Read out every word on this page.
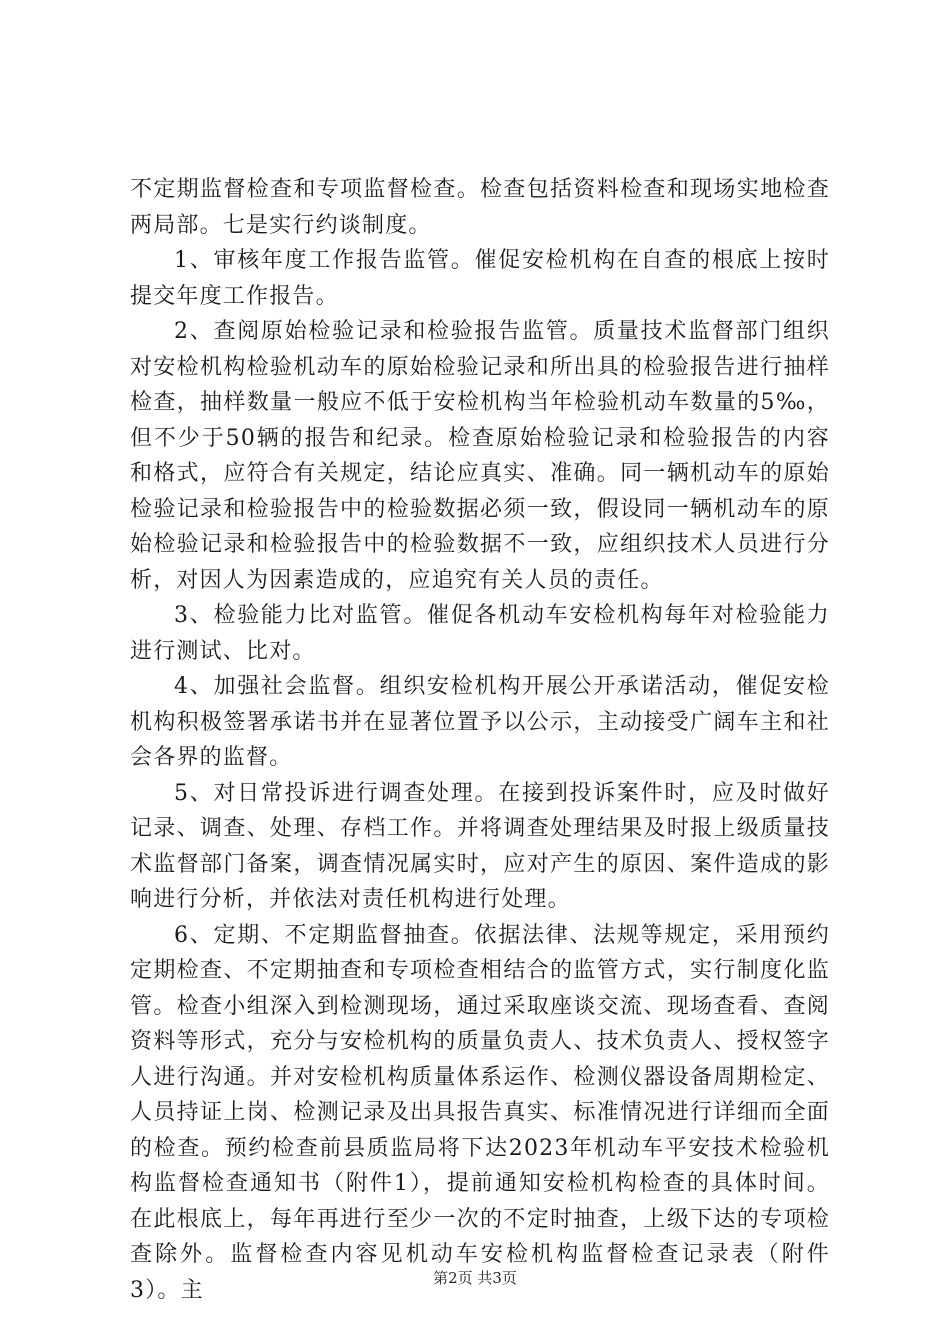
不定期监督检查和专项监督检查。检查包括资料检查和现场实地检查两局部。七是实行约谈制度。

1、审核年度工作报告监管。催促安检机构在自查的根底上按时提交年度工作报告。

2、查阅原始检验记录和检验报告监管。质量技术监督部门组织对安检机构检验机动车的原始检验记录和所出具的检验报告进行抽样检查，抽样数量一般应不低于安检机构当年检验机动车数量的5‰，但不少于50辆的报告和纪录。检查原始检验记录和检验报告的内容和格式，应符合有关规定，结论应真实、准确。同一辆机动车的原始检验记录和检验报告中的检验数据必须一致，假设同一辆机动车的原始检验记录和检验报告中的检验数据不一致，应组织技术人员进行分析，对因人为因素造成的，应追究有关人员的责任。

3、检验能力比对监管。催促各机动车安检机构每年对检验能力进行测试、比对。

4、加强社会监督。组织安检机构开展公开承诺活动，催促安检机构积极签署承诺书并在显著位置予以公示，主动接受广阔车主和社会各界的监督。

5、对日常投诉进行调查处理。在接到投诉案件时，应及时做好记录、调查、处理、存档工作。并将调查处理结果及时报上级质量技术监督部门备案，调查情况属实时，应对产生的原因、案件造成的影响进行分析，并依法对责任机构进行处理。

6、定期、不定期监督抽查。依据法律、法规等规定，采用预约定期检查、不定期抽查和专项检查相结合的监管方式，实行制度化监管。检查小组深入到检测现场，通过采取座谈交流、现场查看、查阅资料等形式，充分与安检机构的质量负责人、技术负责人、授权签字人进行沟通。并对安检机构质量体系运作、检测仪器设备周期检定、人员持证上岗、检测记录及出具报告真实、标准情况进行详细而全面的检查。预约检查前县质监局将下达2023年机动车平安技术检验机构监督检查通知书（附件1），提前通知安检机构检查的具体时间。在此根底上，每年再进行至少一次的不定时抽查，上级下达的专项检查除外。监督检查内容见机动车安检机构监督检查记录表（附件3）。主	第2页 共3页
